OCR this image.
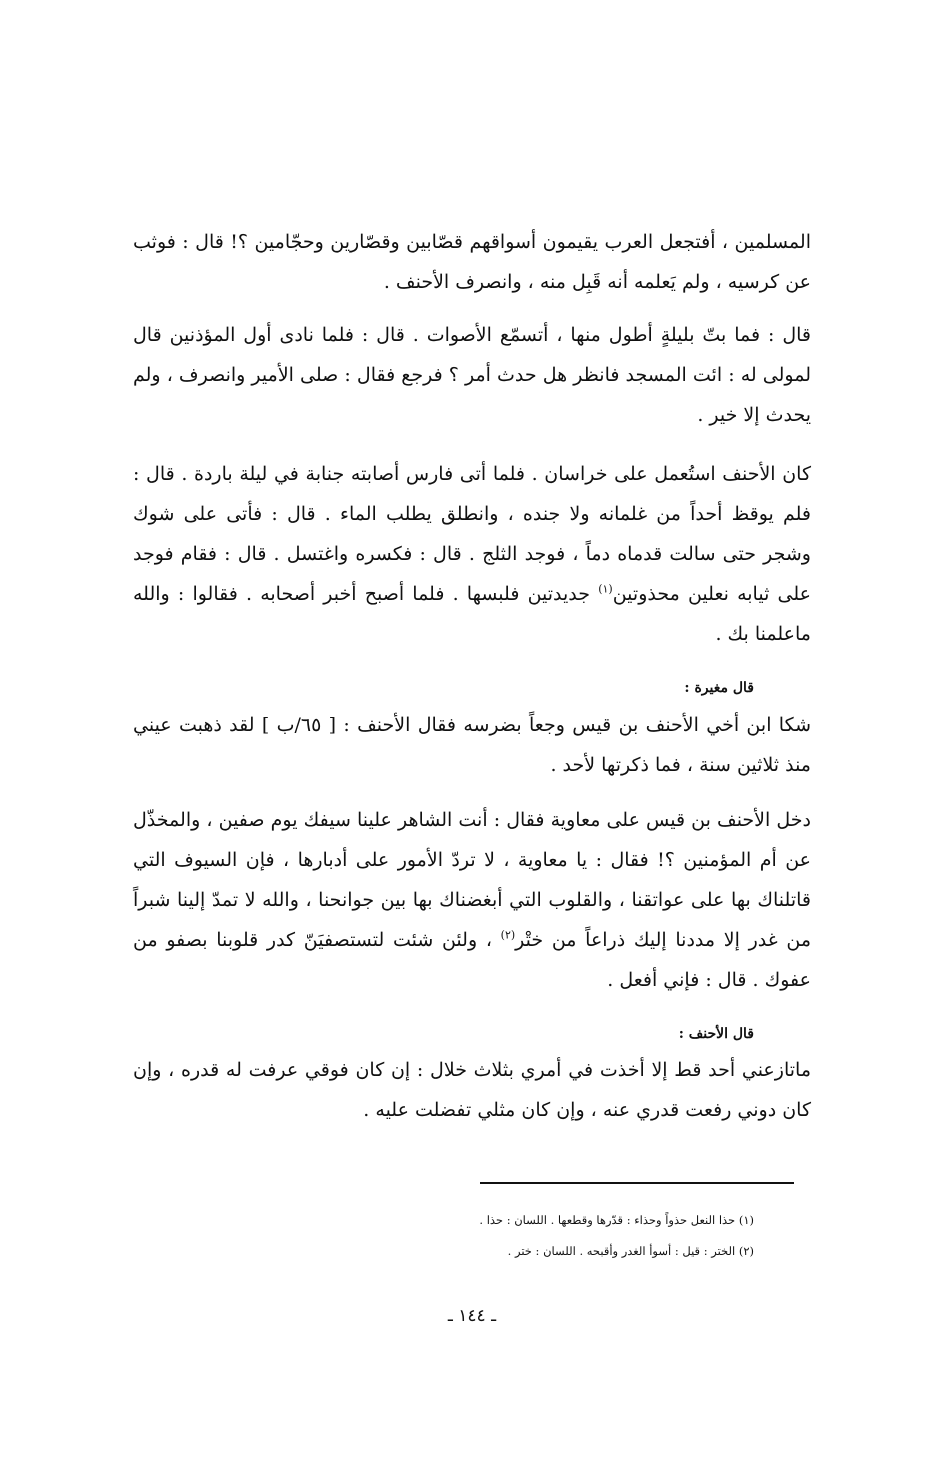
المسلمين ، أفتجعل العرب يقيمون أسواقهم قصّابين وقصّارين وحجّامين ؟! قال : فوثب عن كرسيه ، ولم يَعلمه أنه قَبِل منه ، وانصرف الأحنف .

قال : فما بتّ بليلةٍ أطول منها ، أتسمّع الأصوات . قال : فلما نادى أول المؤذنين قال لمولى له : ائت المسجد فانظر هل حدث أمر ؟ فرجع فقال : صلى الأمير وانصرف ، ولم يحدث إلا خير .

كان الأحنف استُعمل على خراسان . فلما أتى فارس أصابته جنابة في ليلة باردة . قال : فلم يوقظ أحداً من غلمانه ولا جنده ، وانطلق يطلب الماء . قال : فأتى على شوك وشجر حتى سالت قدماه دماً ، فوجد الثلج . قال : فكسره واغتسل . قال : فقام فوجد على ثيابه نعلين محذوتين$^{(١)}$ جديدتين فلبسها . فلما أصبح أخبر أصحابه . فقالوا : والله ماعلمنا بك .

قال مغيرة :

شكا ابن أخي الأحنف بن قيس وجعاً بضرسه فقال الأحنف : [ ٦٥/ب ] لقد ذهبت عيني منذ ثلاثين سنة ، فما ذكرتها لأحد .

دخل الأحنف بن قيس على معاوية فقال : أنت الشاهر علينا سيفك يوم صفين ، والمخذّل عن أم المؤمنين ؟! فقال : يا معاوية ، لا تردّ الأمور على أدبارها ، فإن السيوف التي قاتلناك بها على عواتقنا ، والقلوب التي أبغضناك بها بين جوانحنا ، والله لا تمدّ إلينا شبراً من غدر إلا مددنا إليك ذراعاً من ختْر$^{(٢)}$ ، ولئن شئت لتستصفيَنّ كدر قلوبنا بصفو من عفوك . قال : فإني أفعل .

قال الأحنف :

ماتازعني أحد قط إلا أخذت في أمري بثلاث خلال : إن كان فوقي عرفت له قدره ، وإن كان دوني رفعت قدري عنه ، وإن كان مثلي تفضلت عليه .

(١) حذا النعل حذواً وحذاء : قدّرها وقطعها . اللسان : حذا .

(٢) الختر : قيل : أسوأ الغدر وأقبحه . اللسان : ختر .

ـ ١٤٤ ـ
